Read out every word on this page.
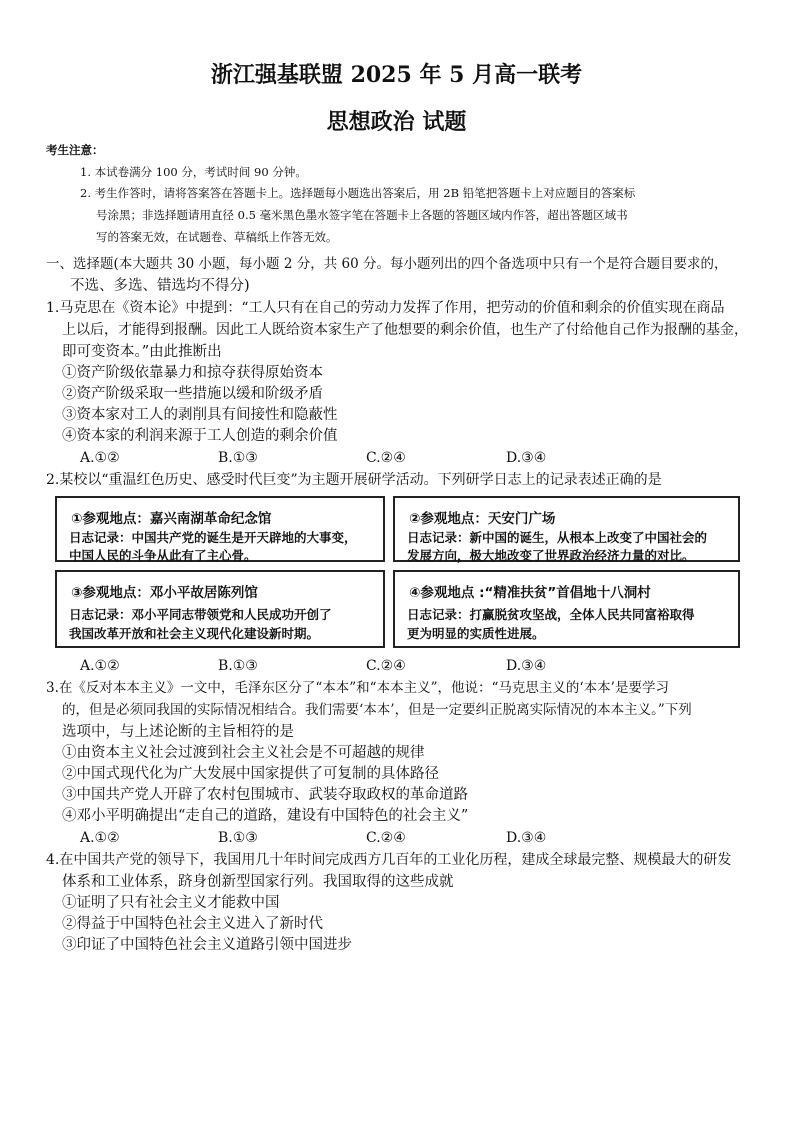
浙江强基联盟 2025 年 5 月高一联考
思想政治 试题
考生注意：
1. 本试卷满分 100 分，考试时间 90 分钟。
2. 考生作答时，请将答案答在答题卡上。选择题每小题选出答案后，用 2B 铅笔把答题卡上对应题目的答案标
号涂黑；非选择题请用直径 0.5 毫米黑色墨水签字笔在答题卡上各题的答题区域内作答，超出答题区域书
写的答案无效，在试题卷、草稿纸上作答无效。
一、选择题(本大题共 30 小题，每小题 2 分，共 60 分。每小题列出的四个备选项中只有一个是符合题目要求的，
不选、多选、错选均不得分)
1.马克思在《资本论》中提到：“工人只有在自己的劳动力发挥了作用，把劳动的价值和剩余的价值实现在商品
上以后，才能得到报酬。因此工人既给资本家生产了他想要的剩余价值，也生产了付给他自己作为报酬的基金，
即可变资本。”由此推断出
①资产阶级依靠暴力和掠夺获得原始资本
②资产阶级采取一些措施以缓和阶级矛盾
③资本家对工人的剥削具有间接性和隐蔽性
④资本家的利润来源于工人创造的剩余价值
A.①②	B.①③	C.②④	D.③④
2.某校以“重温红色历史、感受时代巨变”为主题开展研学活动。下列研学日志上的记录表述正确的是
①参观地点：嘉兴南湖革命纪念馆
日志记录：中国共产党的诞生是开天辟地的大事变，
中国人民的斗争从此有了主心骨。
②参观地点：天安门广场
日志记录：新中国的诞生，从根本上改变了中国社会的
发展方向，极大地改变了世界政治经济力量的对比。
③参观地点：邓小平故居陈列馆
日志记录：邓小平同志带领党和人民成功开创了
我国改革开放和社会主义现代化建设新时期。
④参观地点 :“精准扶贫”首倡地十八洞村
日志记录：打赢脱贫攻坚战，全体人民共同富裕取得
更为明显的实质性进展。
A.①②	B.①③	C.②④	D.③④
3.在《反对本本主义》一文中，毛泽东区分了“本本”和“本本主义”，他说：“马克思主义的‘本本’是要学习
的，但是必须同我国的实际情况相结合。我们需要‘本本’，但是一定要纠正脱离实际情况的本本主义。”下列
选项中，与上述论断的主旨相符的是
①由资本主义社会过渡到社会主义社会是不可超越的规律
②中国式现代化为广大发展中国家提供了可复制的具体路径
③中国共产党人开辟了农村包围城市、武装夺取政权的革命道路
④邓小平明确提出“走自己的道路，建设有中国特色的社会主义”
A.①②	B.①③	C.②④	D.③④
4.在中国共产党的领导下，我国用几十年时间完成西方几百年的工业化历程，建成全球最完整、规模最大的研发
体系和工业体系，跻身创新型国家行列。我国取得的这些成就
①证明了只有社会主义才能救中国
②得益于中国特色社会主义进入了新时代
③印证了中国特色社会主义道路引领中国进步
